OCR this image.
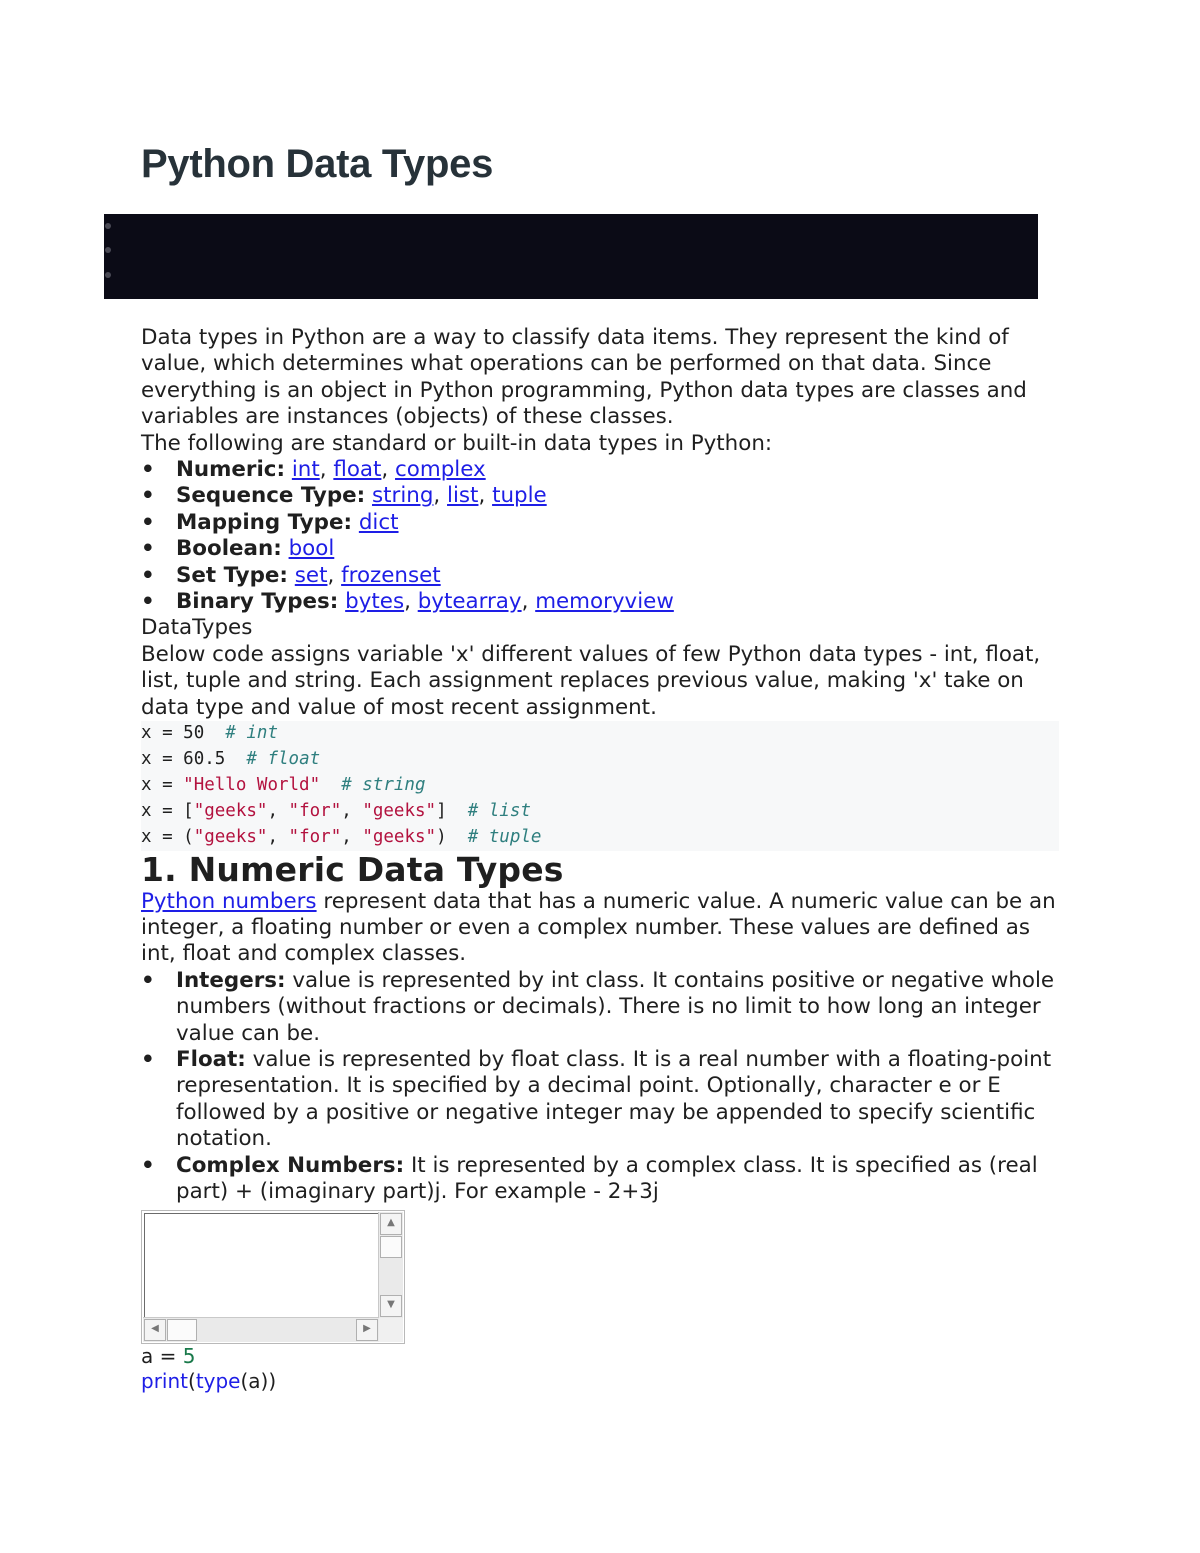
Python Data Types

Data types in Python are a way to classify data items. They represent the kind of value, which determines what operations can be performed on that data. Since everything is an object in Python programming, Python data types are classes and variables are instances (objects) of these classes.

The following are standard or built-in data types in Python:

• Numeric: int, float, complex
• Sequence Type: string, list, tuple
• Mapping Type: dict
• Boolean: bool
• Set Type: set, frozenset
• Binary Types: bytes, bytearray, memoryview

DataTypes

Below code assigns variable 'x' different values of few Python data types - int, float, list, tuple and string. Each assignment replaces previous value, making 'x' take on data type and value of most recent assignment.

x = 50 # int
x = 60.5 # float
x = "Hello World" # string
x = ["geeks", "for", "geeks"] # list
x = ("geeks", "for", "geeks") # tuple
1. Numeric Data Types

Python numbers represent data that has a numeric value. A numeric value can be an integer, a floating number or even a complex number. These values are defined as int, float and complex classes.

• Integers: value is represented by int class. It contains positive or negative whole numbers (without fractions or decimals). There is no limit to how long an integer value can be.
• Float: value is represented by float class. It is a real number with a floating-point representation. It is specified by a decimal point. Optionally, character e or E followed by a positive or negative integer may be appended to specify scientific notation.
• Complex Numbers: It is represented by a complex class. It is specified as (real part) + (imaginary part)j. For example - 2+3j
▲
▼
◀	▶
a = 5
print(type(a))
